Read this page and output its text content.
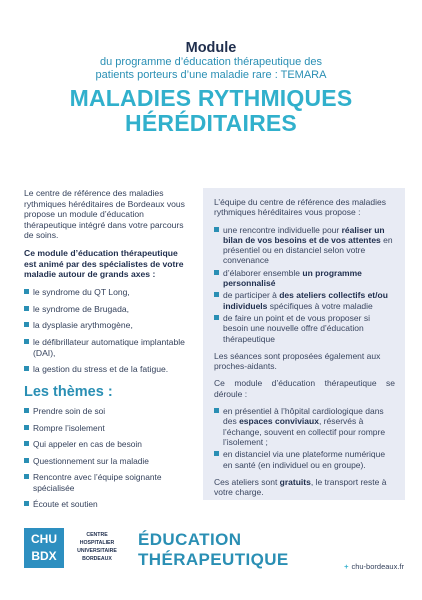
Module
du programme d’éducation thérapeutique des
patients porteurs d’une maladie rare : TEMARA
MALADIES RYTHMIQUES
HÉRÉDITAIRES

Le centre de référence des maladies rythmiques héréditaires de Bordeaux vous propose un module d’éducation thérapeutique intégré dans votre parcours de soins.

Ce module d’éducation thérapeutique est animé par des spécialistes de votre maladie autour de grands axes :

le syndrome du QT Long,
le syndrome de Brugada,
la dysplasie arythmogène,
le défibrillateur automatique implantable (DAI),
la gestion du stress et de la fatigue.
Les thèmes :
Prendre soin de soi
Rompre l’isolement
Qui appeler en cas de besoin
Questionnement sur la maladie
Rencontre avec l’équipe soignante spécialisée
Écoute et soutien

L’équipe du centre de référence des maladies rythmiques héréditaires vous propose :

une rencontre individuelle pour réaliser un bilan de vos besoins et de vos attentes en présentiel ou en distanciel selon votre convenance
d’élaborer ensemble un programme personnalisé
de participer à des ateliers collectifs et/ou individuels spécifiques à votre maladie
de faire un point et de vous proposer si besoin une nouvelle offre d’éducation thérapeutique

Les séances sont proposées également aux proches-aidants.

Ce module d’éducation thérapeutique se déroule :

en présentiel à l’hôpital cardiologique dans des espaces conviviaux, réservés à l’échange, souvent en collectif pour rompre l’isolement ;
en distanciel via une plateforme numérique en santé (en individuel ou en groupe).

Ces ateliers sont gratuits, le transport reste à votre charge.

CHU
BDX
CENTRE HOSPITALIER UNIVERSITAIRE BORDEAUX
ÉDUCATION
THÉRAPEUTIQUE	+ chu-bordeaux.fr
